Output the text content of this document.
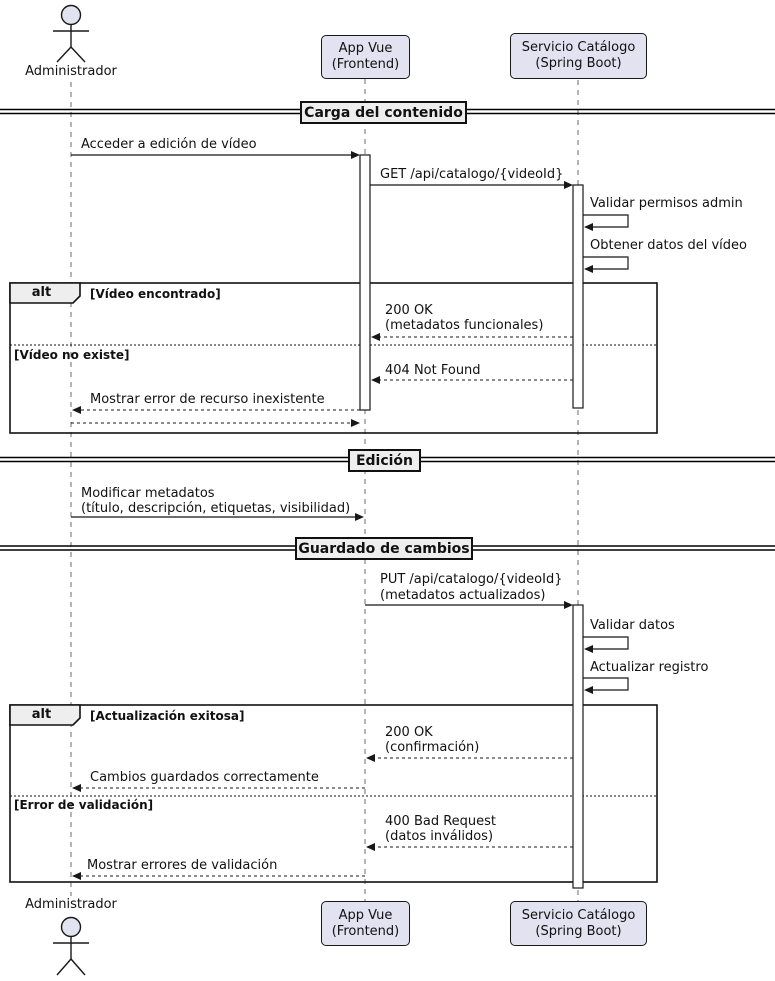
Administrador
Administrador
App Vue
(Frontend)
Servicio Catálogo
(Spring Boot)
App Vue
(Frontend)
Servicio Catálogo
(Spring Boot)
Carga del contenido
Edición
Guardado de cambios
alt	[Vídeo encontrado]
[Vídeo no existe]
alt	[Actualización exitosa]
[Error de validación]
Acceder a edición de vídeo
GET /api/catalogo/{videoId}
Validar permisos admin
Obtener datos del vídeo
200 OK
(metadatos funcionales)
404 Not Found
Mostrar error de recurso inexistente
Modificar metadatos
(título, descripción, etiquetas, visibilidad)
PUT /api/catalogo/{videoId}
(metadatos actualizados)
Validar datos
Actualizar registro
200 OK
(confirmación)
Cambios guardados correctamente
400 Bad Request
(datos inválidos)
Mostrar errores de validación
